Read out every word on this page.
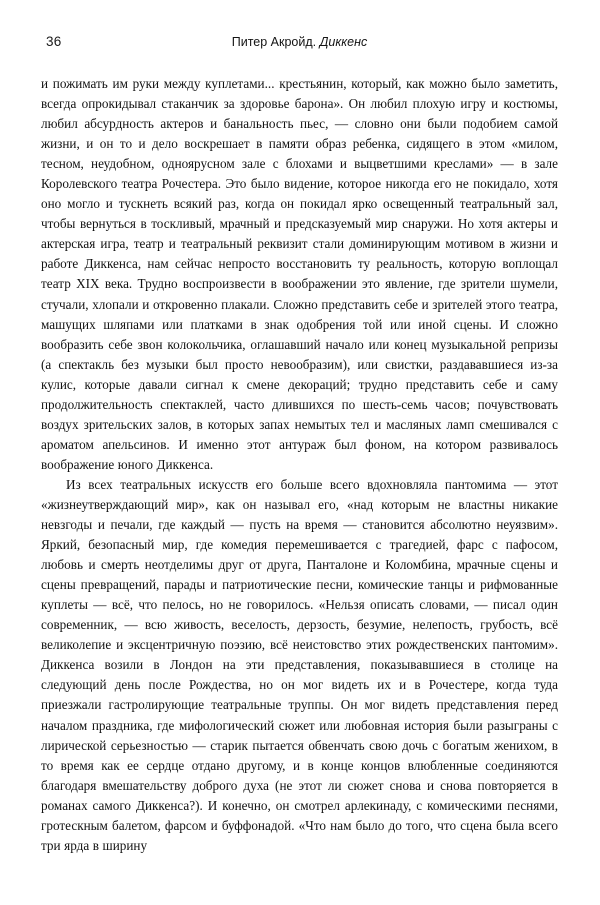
36	Питер Акройд. Диккенс

и пожимать им руки между куплетами... крестьянин, который, как можно было заметить, всегда опрокидывал стаканчик за здоровье барона». Он любил плохую игру и костюмы, любил абсурдность актеров и банальность пьес, — словно они были подобием самой жизни, и он то и дело воскрешает в памяти образ ребенка, сидящего в этом «милом, тесном, неудобном, одноярусном зале с блохами и выцветшими креслами» — в зале Королевского театра Рочестера. Это было видение, которое никогда его не покидало, хотя оно могло и тускнеть всякий раз, когда он покидал ярко освещенный театральный зал, чтобы вернуться в тоскливый, мрачный и предсказуемый мир снаружи. Но хотя актеры и актерская игра, театр и театральный реквизит стали доминирующим мотивом в жизни и работе Диккенса, нам сейчас непросто восстановить ту реальность, которую воплощал театр XIX века. Трудно воспроизвести в воображении это явление, где зрители шумели, стучали, хлопали и откровенно плакали. Сложно представить себе и зрителей этого театра, машущих шляпами или платками в знак одобрения той или иной сцены. И сложно вообразить себе звон колокольчика, оглашавший начало или конец музыкальной репризы (а спектакль без музыки был просто невообразим), или свистки, раздававшиеся из-за кулис, которые давали сигнал к смене декораций; трудно представить себе и саму продолжительность спектаклей, часто длившихся по шесть-семь часов; почувствовать воздух зрительских залов, в которых запах немытых тел и масляных ламп смешивался с ароматом апельсинов. И именно этот антураж был фоном, на котором развивалось воображение юного Диккенса.

Из всех театральных искусств его больше всего вдохновляла пантомима — этот «жизнеутверждающий мир», как он называл его, «над которым не властны никакие невзгоды и печали, где каждый — пусть на время — становится абсолютно неуязвим». Яркий, безопасный мир, где комедия перемешивается с трагедией, фарс с пафосом, любовь и смерть неотделимы друг от друга, Панталоне и Коломбина, мрачные сцены и сцены превращений, парады и патриотические песни, комические танцы и рифмованные куплеты — всё, что пелось, но не говорилось. «Нельзя описать словами, — писал один современник, — всю живость, веселость, дерзость, безумие, нелепость, грубость, всё великолепие и эксцентричную поэзию, всё неистовство этих рождественских пантомим». Диккенса возили в Лондон на эти представления, показывавшиеся в столице на следующий день после Рождества, но он мог видеть их и в Рочестере, когда туда приезжали гастролирующие театральные труппы. Он мог видеть представления перед началом праздника, где мифологический сюжет или любовная история были разыграны с лирической серьезностью — старик пытается обвенчать свою дочь с богатым женихом, в то время как ее сердце отдано другому, и в конце концов влюбленные соединяются благодаря вмешательству доброго духа (не этот ли сюжет снова и снова повторяется в романах самого Диккенса?). И конечно, он смотрел арлекинаду, с комическими песнями, гротескным балетом, фарсом и буффонадой. «Что нам было до того, что сцена была всего три ярда в ширину
